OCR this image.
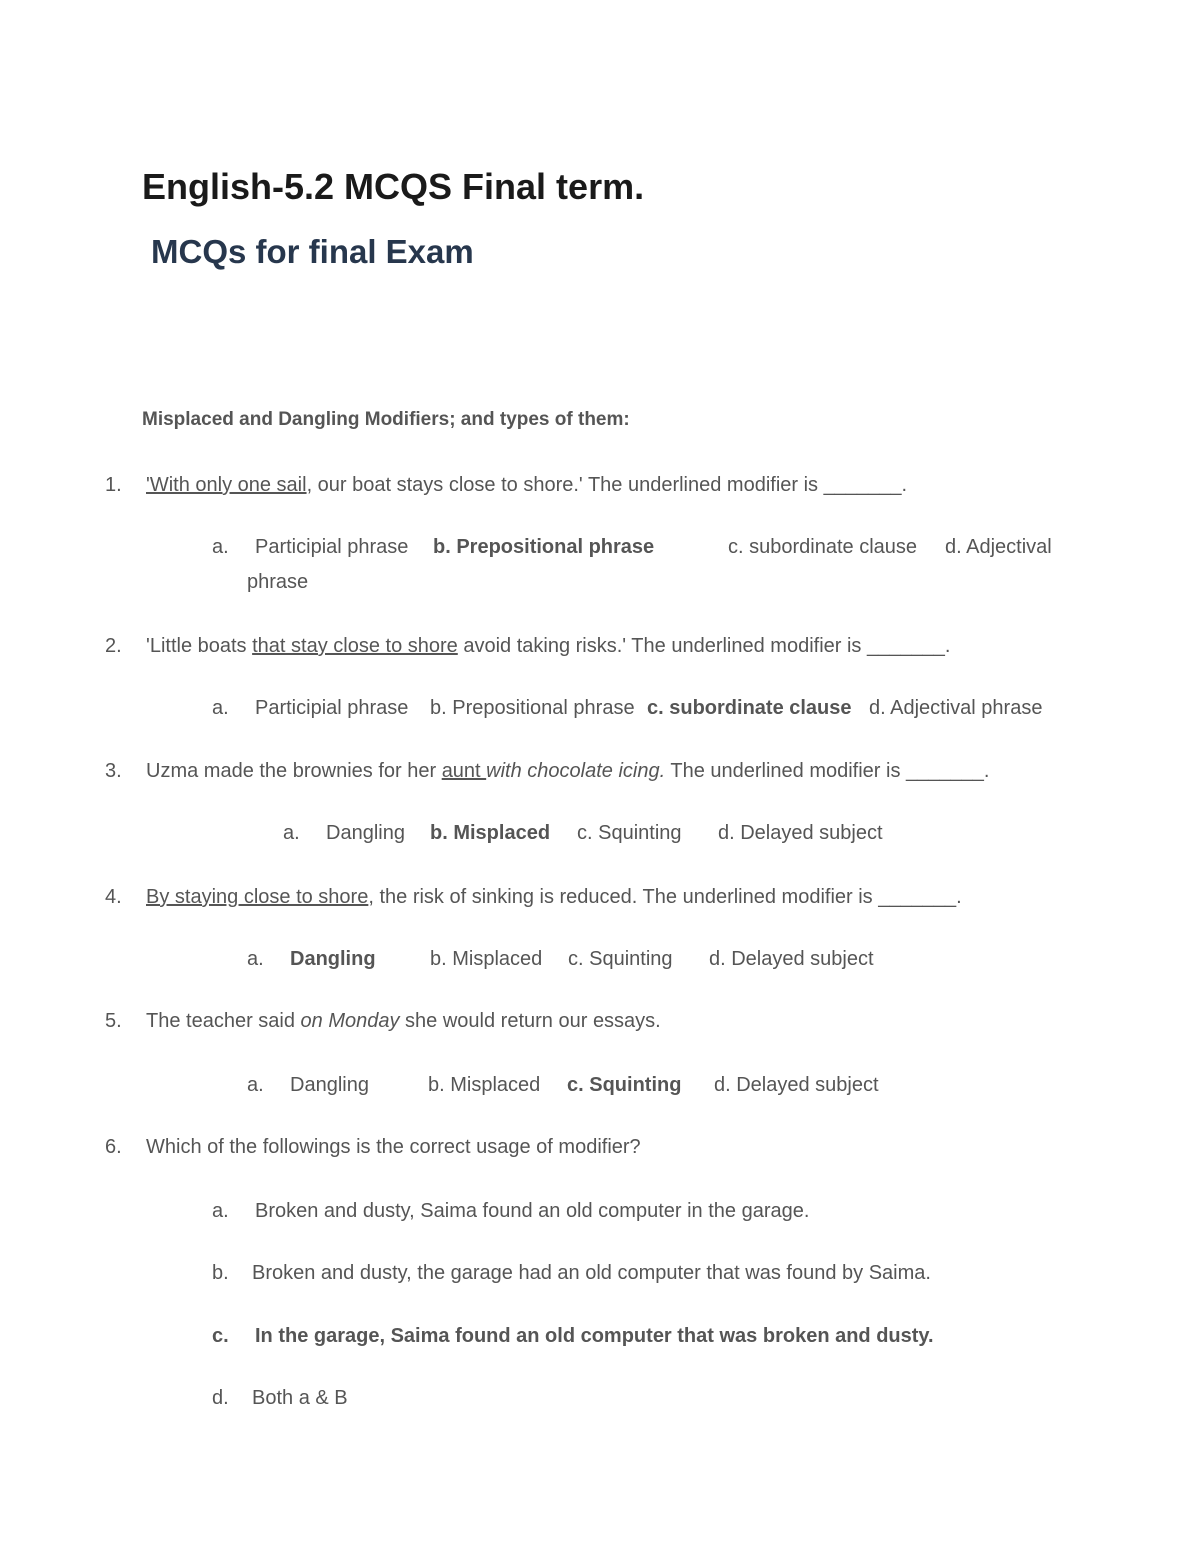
English-5.2 MCQS Final term.
MCQs for final Exam
Misplaced and Dangling Modifiers; and types of them:
1. 'With only one sail, our boat stays close to shore.' The underlined modifier is _______.
a. Participial phrase b. Prepositional phrase	c. subordinate clause d. Adjectival
phrase
2. 'Little boats that stay close to shore avoid taking risks.' The underlined modifier is _______.
a. Participial phrase b. Prepositional phrase c. subordinate clause d. Adjectival phrase
3. Uzma made the brownies for her aunt with chocolate icing. The underlined modifier is _______.
a. Dangling b. Misplaced c. Squinting d. Delayed subject
4. By staying close to shore, the risk of sinking is reduced. The underlined modifier is _______.
a. Dangling	b. Misplaced c. Squinting d. Delayed subject
5. The teacher said on Monday she would return our essays.
a. Dangling	b. Misplaced c. Squinting d. Delayed subject
6. Which of the followings is the correct usage of modifier?
a. Broken and dusty, Saima found an old computer in the garage.
b. Broken and dusty, the garage had an old computer that was found by Saima.
c. In the garage, Saima found an old computer that was broken and dusty.
d. Both a & B
